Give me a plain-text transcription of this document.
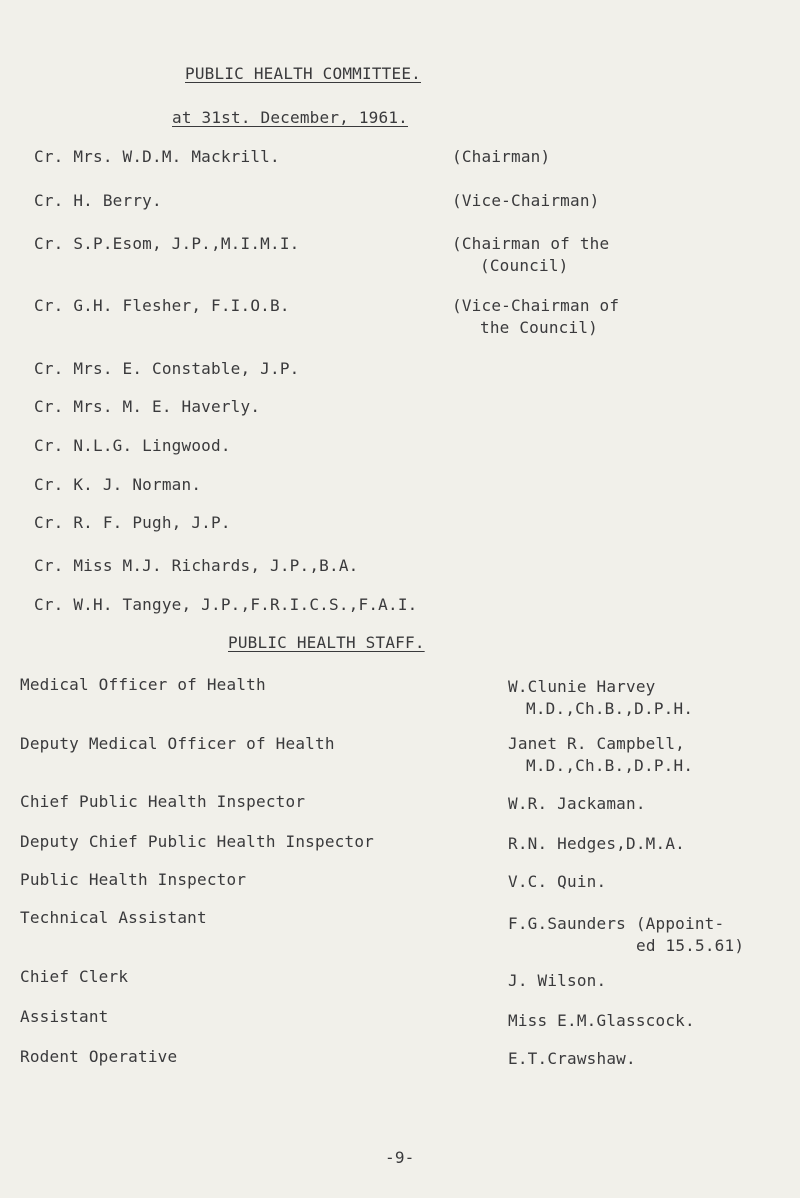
PUBLIC HEALTH COMMITTEE.
at 31st. December, 1961.
Cr. Mrs. W.D.M. Mackrill.	(Chairman)
Cr. H. Berry.	(Vice-Chairman)
Cr. S.P.Esom, J.P.,M.I.M.I.	(Chairman of the
(Council)
Cr. G.H. Flesher, F.I.O.B.	(Vice-Chairman of
the Council)
Cr. Mrs. E. Constable, J.P.
Cr. Mrs. M. E. Haverly.
Cr. N.L.G. Lingwood.
Cr. K. J. Norman.
Cr. R. F. Pugh, J.P.
Cr. Miss M.J. Richards, J.P.,B.A.
Cr. W.H. Tangye, J.P.,F.R.I.C.S.,F.A.I.
PUBLIC HEALTH STAFF.
Medical Officer of Health	W.Clunie Harvey
M.D.,Ch.B.,D.P.H.
Deputy Medical Officer of Health	Janet R. Campbell,
M.D.,Ch.B.,D.P.H.
Chief Public Health Inspector	W.R. Jackaman.
Deputy Chief Public Health Inspector	R.N. Hedges,D.M.A.
Public Health Inspector	V.C. Quin.
Technical Assistant	F.G.Saunders (Appoint-
ed 15.5.61)
Chief Clerk	J. Wilson.
Assistant	Miss E.M.Glasscock.
Rodent Operative	E.T.Crawshaw.
-9-
